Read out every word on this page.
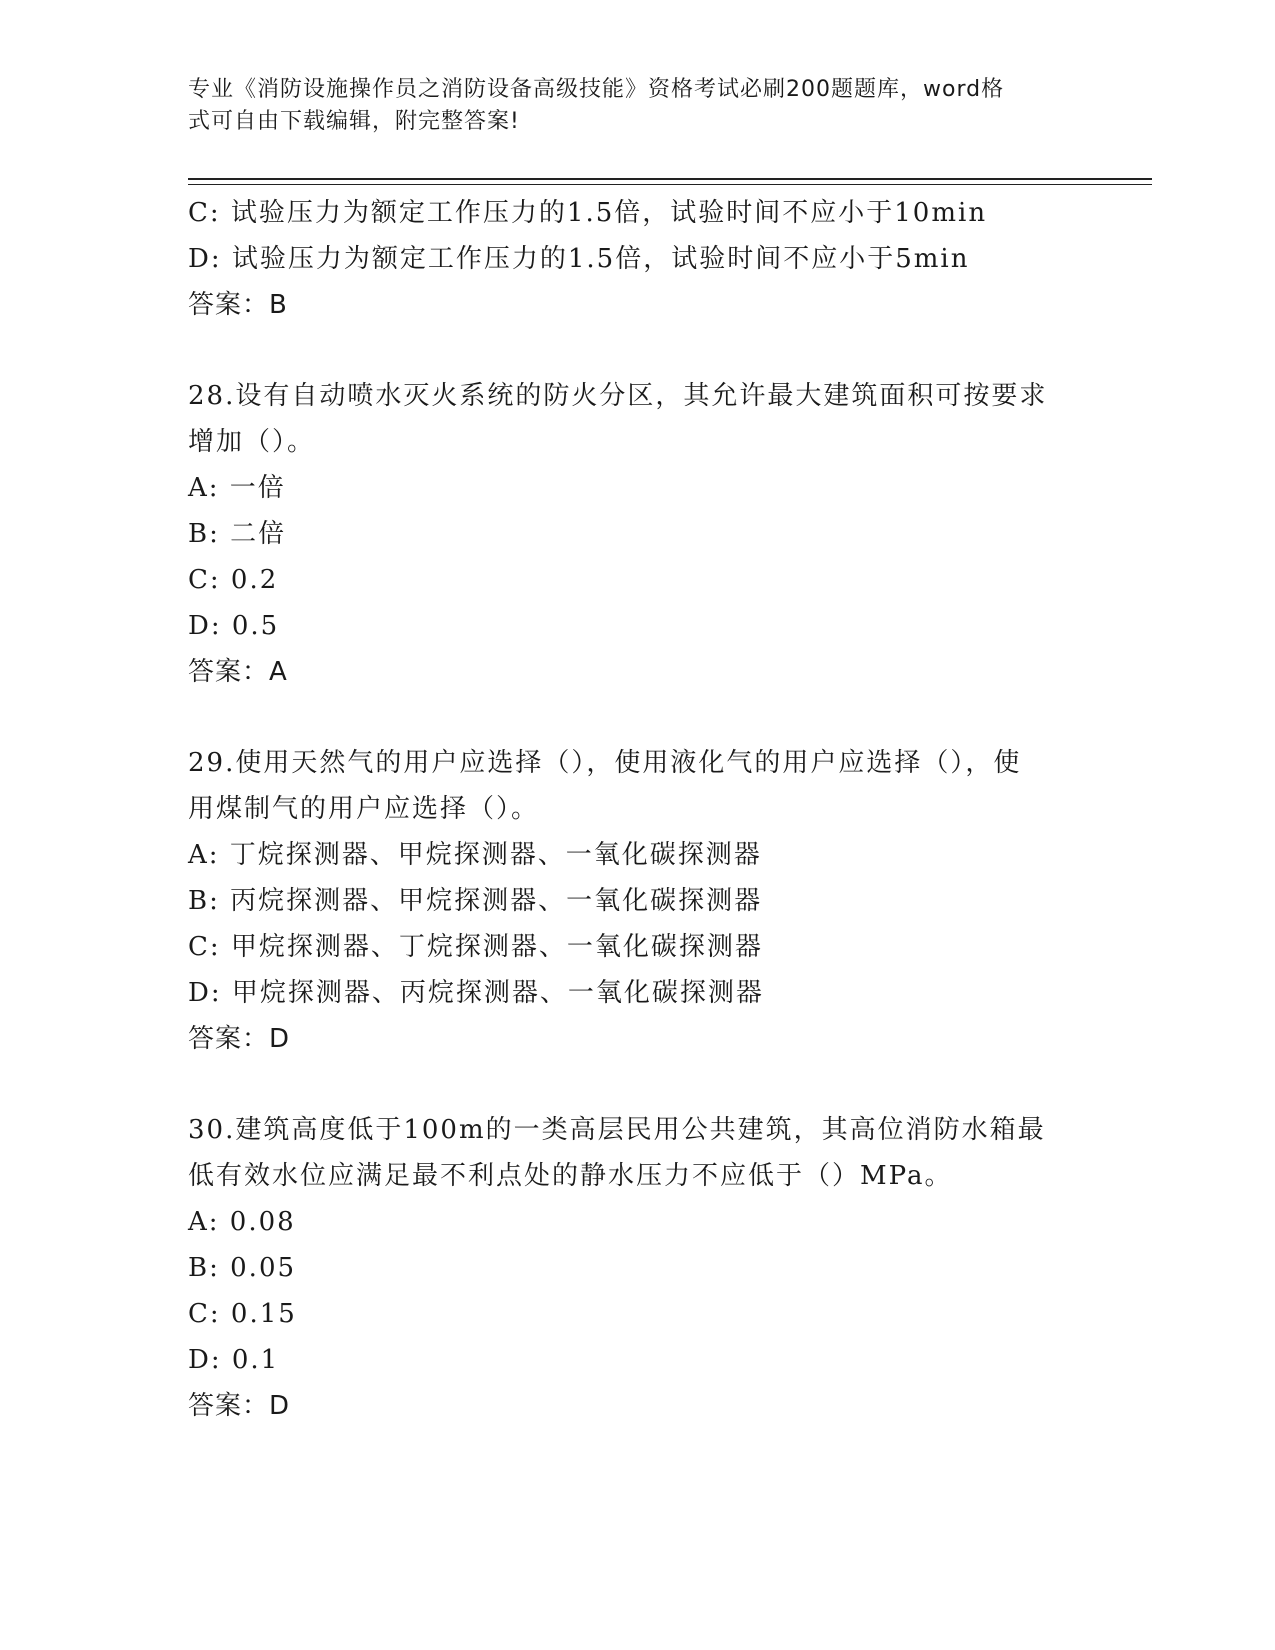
专业《消防设施操作员之消防设备高级技能》资格考试必刷200题题库，word格
式可自由下载编辑，附完整答案!
C: 试验压力为额定工作压力的1.5倍，试验时间不应小于10min
D: 试验压力为额定工作压力的1.5倍，试验时间不应小于5min
答案：B
28.设有自动喷水灭火系统的防火分区，其允许最大建筑面积可按要求
增加（）。
A: 一倍
B: 二倍
C: 0.2
D: 0.5
答案：A
29.使用天然气的用户应选择（），使用液化气的用户应选择（），使
用煤制气的用户应选择（）。
A: 丁烷探测器、甲烷探测器、一氧化碳探测器
B: 丙烷探测器、甲烷探测器、一氧化碳探测器
C: 甲烷探测器、丁烷探测器、一氧化碳探测器
D: 甲烷探测器、丙烷探测器、一氧化碳探测器
答案：D
30.建筑高度低于100m的一类高层民用公共建筑，其高位消防水箱最
低有效水位应满足最不利点处的静水压力不应低于（）MPa。
A: 0.08
B: 0.05
C: 0.15
D: 0.1
答案：D
